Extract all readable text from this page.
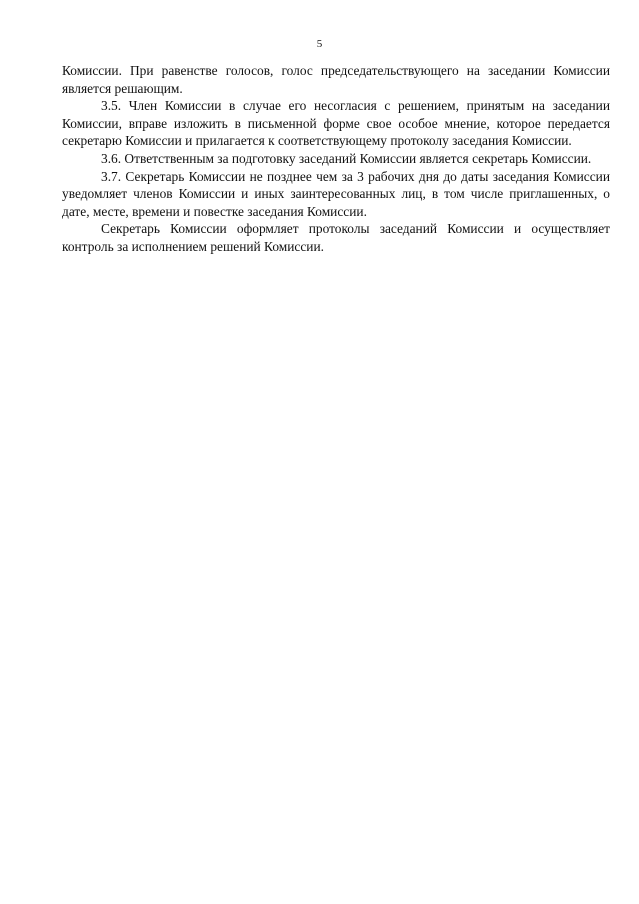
5

Комиссии. При равенстве голосов, голос председательствующего на заседании Комиссии является решающим.

3.5. Член Комиссии в случае его несогласия с решением, принятым на заседании Комиссии, вправе изложить в письменной форме свое особое мнение, которое передается секретарю Комиссии и прилагается к соответствующему протоколу заседания Комиссии.

3.6. Ответственным за подготовку заседаний Комиссии является секретарь Комиссии.

3.7. Секретарь Комиссии не позднее чем за 3 рабочих дня до даты заседания Комиссии уведомляет членов Комиссии и иных заинтересованных лиц, в том числе приглашенных, о дате, месте, времени и повестке заседания Комиссии.

Секретарь Комиссии оформляет протоколы заседаний Комиссии и осуществляет контроль за исполнением решений Комиссии.
